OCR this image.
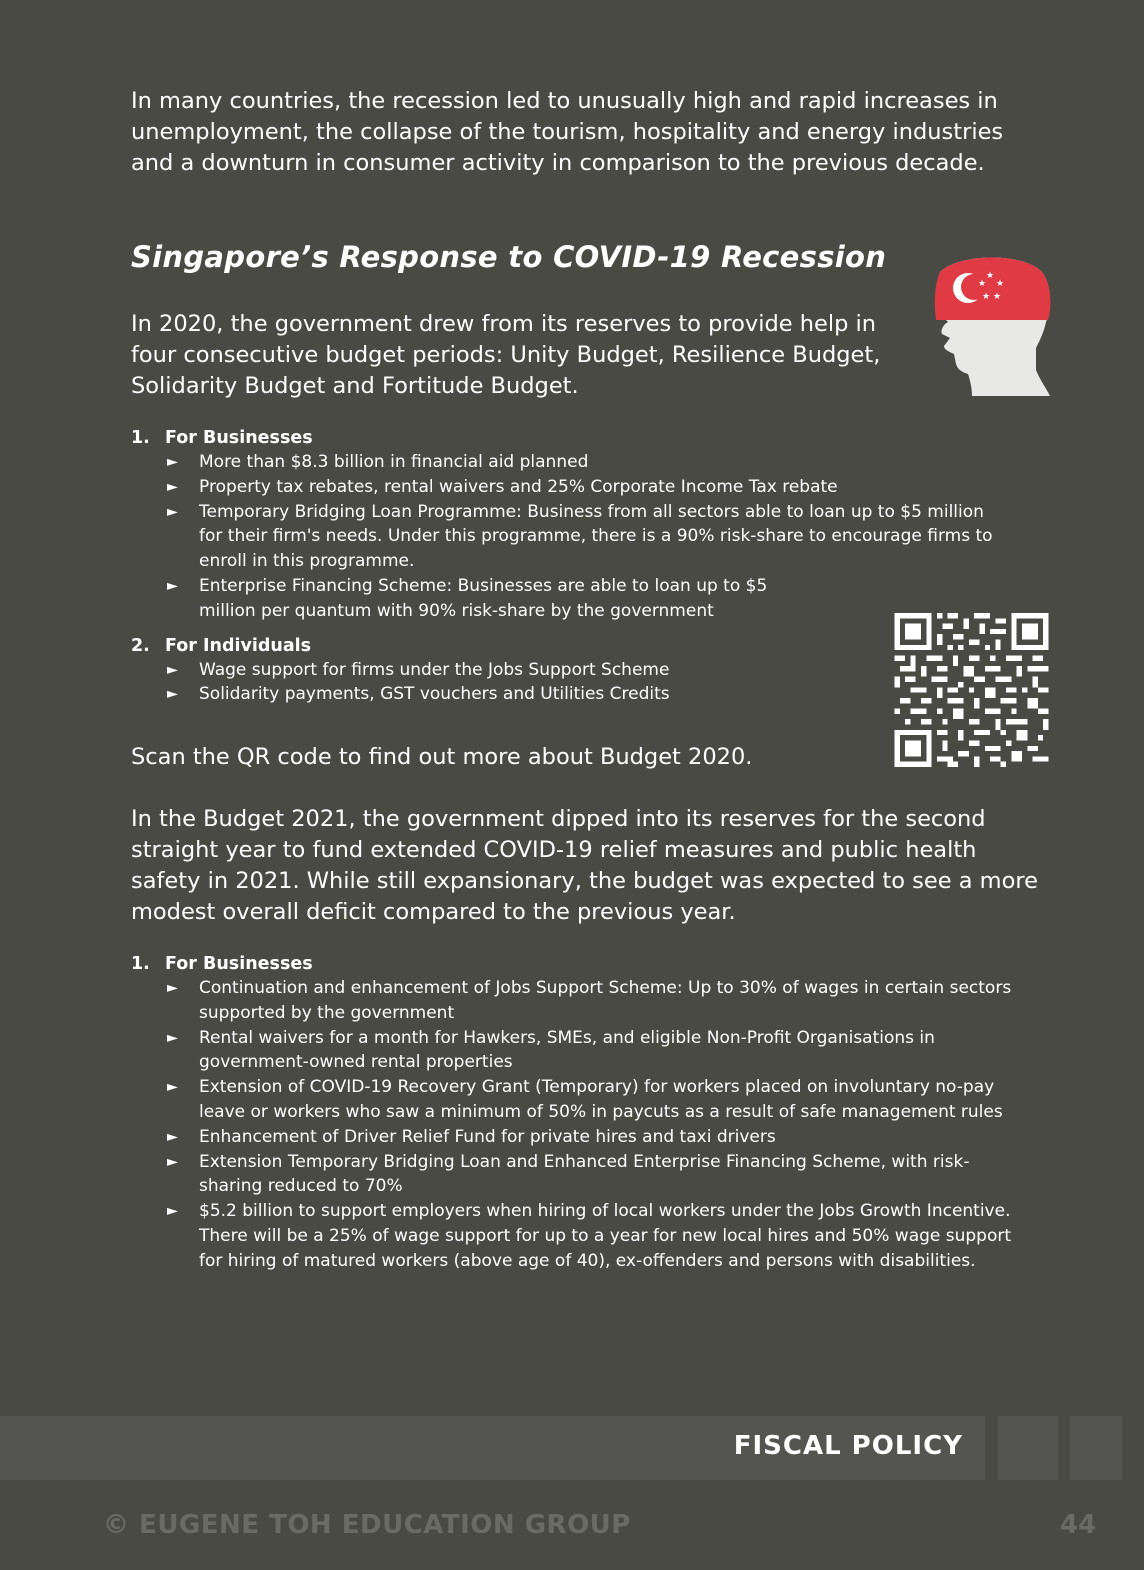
In many countries, the recession led to unusually high and rapid increases in unemployment, the collapse of the tourism, hospitality and energy industries and a downturn in consumer activity in comparison to the previous decade.

Singapore’s Response to COVID-19 Recession

In 2020, the government drew from its reserves to provide help in four consecutive budget periods: Unity Budget, Resilience Budget, Solidarity Budget and Fortitude Budget.

★
★
★
★ ★
1. For Businesses
► More than $8.3 billion in financial aid planned
► Property tax rebates, rental waivers and 25% Corporate Income Tax rebate
► Temporary Bridging Loan Programme: Business from all sectors able to loan up to $5 million for their firm's needs. Under this programme, there is a 90% risk-share to encourage firms to enroll in this programme.
► Enterprise Financing Scheme: Businesses are able to loan up to $5 million per quantum with 90% risk-share by the government
2. For Individuals
► Wage support for firms under the Jobs Support Scheme
► Solidarity payments, GST vouchers and Utilities Credits

Scan the QR code to find out more about Budget 2020.

In the Budget 2021, the government dipped into its reserves for the second straight year to fund extended COVID-19 relief measures and public health safety in 2021. While still expansionary, the budget was expected to see a more modest overall deficit compared to the previous year.

1. For Businesses
► Continuation and enhancement of Jobs Support Scheme: Up to 30% of wages in certain sectors supported by the government
► Rental waivers for a month for Hawkers, SMEs, and eligible Non-Profit Organisations in government-owned rental properties
► Extension of COVID-19 Recovery Grant (Temporary) for workers placed on involuntary no-pay leave or workers who saw a minimum of 50% in paycuts as a result of safe management rules
► Enhancement of Driver Relief Fund for private hires and taxi drivers
► Extension Temporary Bridging Loan and Enhanced Enterprise Financing Scheme, with risk-sharing reduced to 70%
► $5.2 billion to support employers when hiring of local workers under the Jobs Growth Incentive. There will be a 25% of wage support for up to a year for new local hires and 50% wage support for hiring of matured workers (above age of 40), ex-offenders and persons with disabilities.
FISCAL POLICY
© EUGENE TOH EDUCATION GROUP	44
